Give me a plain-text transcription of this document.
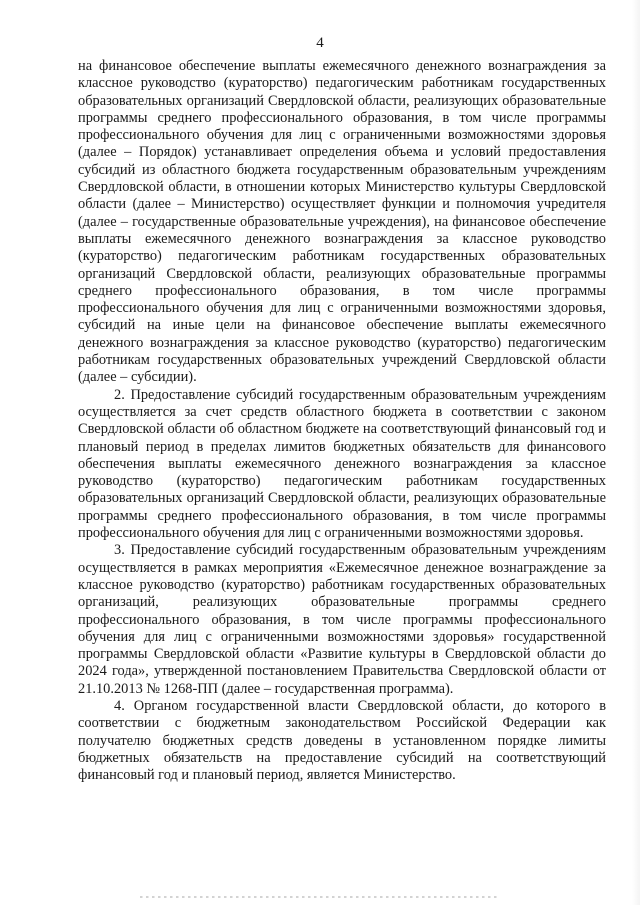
4

на финансовое обеспечение выплаты ежемесячного денежного вознаграждения за классное руководство (кураторство) педагогическим работникам государственных образовательных организаций Свердловской области, реализующих образовательные программы среднего профессионального образования, в том числе программы профессионального обучения для лиц с ограниченными возможностями здоровья (далее – Порядок) устанавливает определения объема и условий предоставления субсидий из областного бюджета государственным образовательным учреждениям Свердловской области, в отношении которых Министерство культуры Свердловской области (далее – Министерство) осуществляет функции и полномочия учредителя (далее – государственные образовательные учреждения), на финансовое обеспечение выплаты ежемесячного денежного вознаграждения за классное руководство (кураторство) педагогическим работникам государственных образовательных организаций Свердловской области, реализующих образовательные программы среднего профессионального образования, в том числе программы профессионального обучения для лиц с ограниченными возможностями здоровья, субсидий на иные цели на финансовое обеспечение выплаты ежемесячного денежного вознаграждения за классное руководство (кураторство) педагогическим работникам государственных образовательных учреждений Свердловской области (далее – субсидии).

2. Предоставление субсидий государственным образовательным учреждениям осуществляется за счет средств областного бюджета в соответствии с законом Свердловской области об областном бюджете на соответствующий финансовый год и плановый период в пределах лимитов бюджетных обязательств для финансового обеспечения выплаты ежемесячного денежного вознаграждения за классное руководство (кураторство) педагогическим работникам государственных образовательных организаций Свердловской области, реализующих образовательные программы среднего профессионального образования, в том числе программы профессионального обучения для лиц с ограниченными возможностями здоровья.

3. Предоставление субсидий государственным образовательным учреждениям осуществляется в рамках мероприятия «Ежемесячное денежное вознаграждение за классное руководство (кураторство) работникам государственных образовательных организаций, реализующих образовательные программы среднего профессионального образования, в том числе программы профессионального обучения для лиц с ограниченными возможностями здоровья» государственной программы Свердловской области «Развитие культуры в Свердловской области до 2024 года», утвержденной постановлением Правительства Свердловской области от 21.10.2013 № 1268-ПП (далее – государственная программа).

4. Органом государственной власти Свердловской области, до которого в соответствии с бюджетным законодательством Российской Федерации как получателю бюджетных средств доведены в установленном порядке лимиты бюджетных обязательств на предоставление субсидий на соответствующий финансовый год и плановый период, является Министерство.
